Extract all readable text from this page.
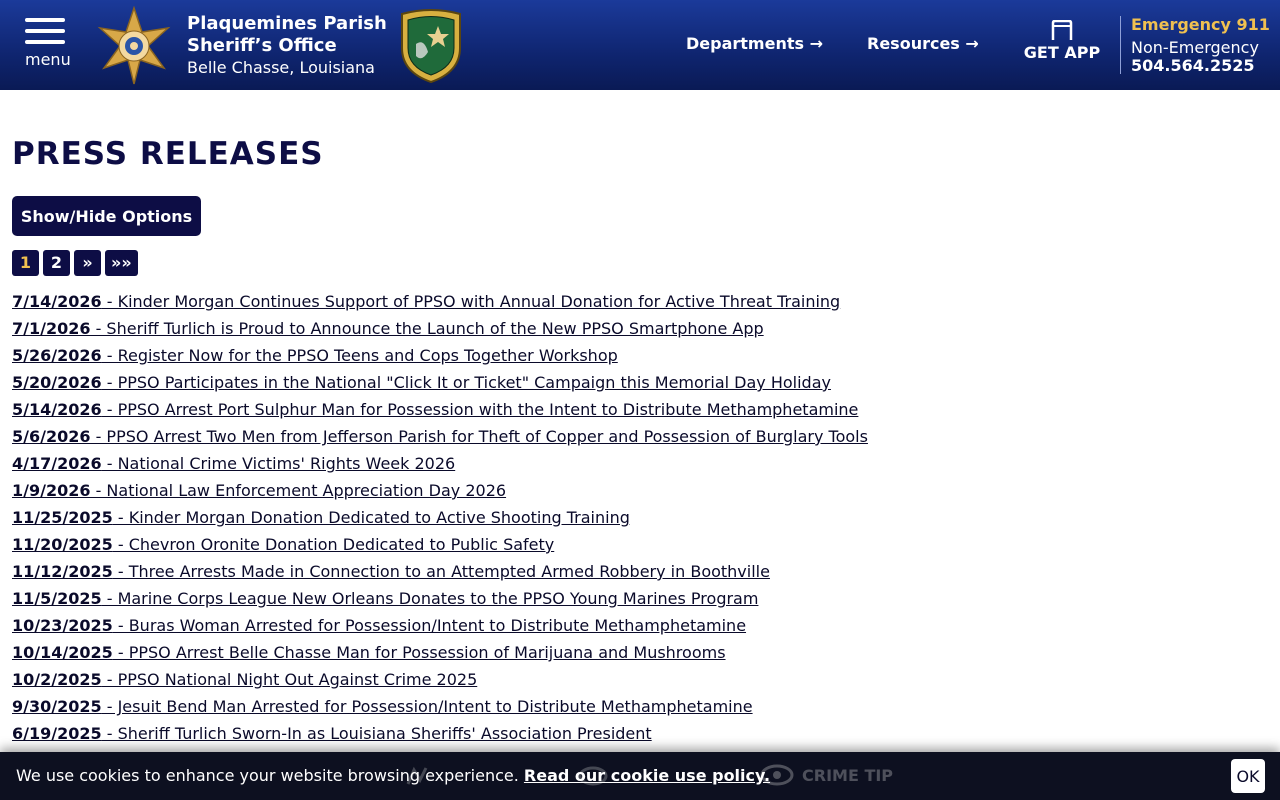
menu
Plaquemines Parish
Sheriff’s Office
Belle Chasse, Louisiana
Departments →	Resources →	GET APP
Emergency 911
Non-Emergency
504.564.2525
PRESS RELEASES
Show/Hide Options
1	2	»	»»
7/14/2026 - Kinder Morgan Continues Support of PPSO with Annual Donation for Active Threat Training
7/1/2026 - Sheriff Turlich is Proud to Announce the Launch of the New PPSO Smartphone App
5/26/2026 - Register Now for the PPSO Teens and Cops Together Workshop
5/20/2026 - PPSO Participates in the National "Click It or Ticket" Campaign this Memorial Day Holiday
5/14/2026 - PPSO Arrest Port Sulphur Man for Possession with the Intent to Distribute Methamphetamine
5/6/2026 - PPSO Arrest Two Men from Jefferson Parish for Theft of Copper and Possession of Burglary Tools
4/17/2026 - National Crime Victims' Rights Week 2026
1/9/2026 - National Law Enforcement Appreciation Day 2026
11/25/2025 - Kinder Morgan Donation Dedicated to Active Shooting Training
11/20/2025 - Chevron Oronite Donation Dedicated to Public Safety
11/12/2025 - Three Arrests Made in Connection to an Attempted Armed Robbery in Boothville
11/5/2025 - Marine Corps League New Orleans Donates to the PPSO Young Marines Program
10/23/2025 - Buras Woman Arrested for Possession/Intent to Distribute Methamphetamine
10/14/2025 - PPSO Arrest Belle Chasse Man for Possession of Marijuana and Mushrooms
10/2/2025 - PPSO National Night Out Against Crime 2025
9/30/2025 - Jesuit Bend Man Arrested for Possession/Intent to Distribute Methamphetamine
6/19/2025 - Sheriff Turlich Sworn-In as Louisiana Sheriffs' Association President
CRIME TIP
We use cookies to enhance your website browsing experience. Read our cookie use policy.	OK
